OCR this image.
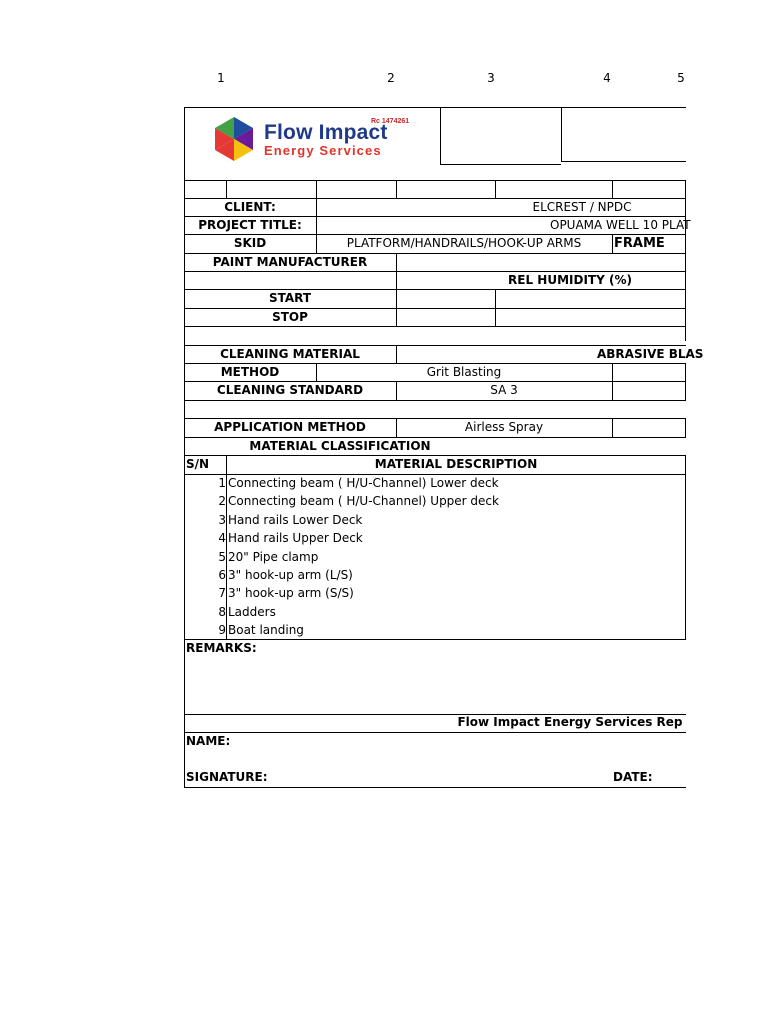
1	2	3	4	5
Rc 1474261
Flow Impact
Energy Services
CLIENT:	ELCREST / NPDC
PROJECT TITLE:	OPUAMA WELL 10 PLAT
SKID	PLATFORM/HANDRAILS/HOOK-UP ARMS	FRAME
PAINT MANUFACTURER
REL HUMIDITY (%)
START
STOP
CLEANING MATERIAL	ABRASIVE BLAS
METHOD	Grit Blasting
CLEANING STANDARD	SA 3
APPLICATION METHOD	Airless Spray
MATERIAL CLASSIFICATION
S/N	MATERIAL DESCRIPTION
1 Connecting beam ( H/U-Channel) Lower deck
2 Connecting beam ( H/U-Channel) Upper deck
3 Hand rails Lower Deck
4 Hand rails Upper Deck
5 20" Pipe clamp
6 3" hook-up arm (L/S)
7 3" hook-up arm (S/S)
8 Ladders
9 Boat landing
REMARKS:
Flow Impact Energy Services Rep
NAME:
SIGNATURE:	DATE:
